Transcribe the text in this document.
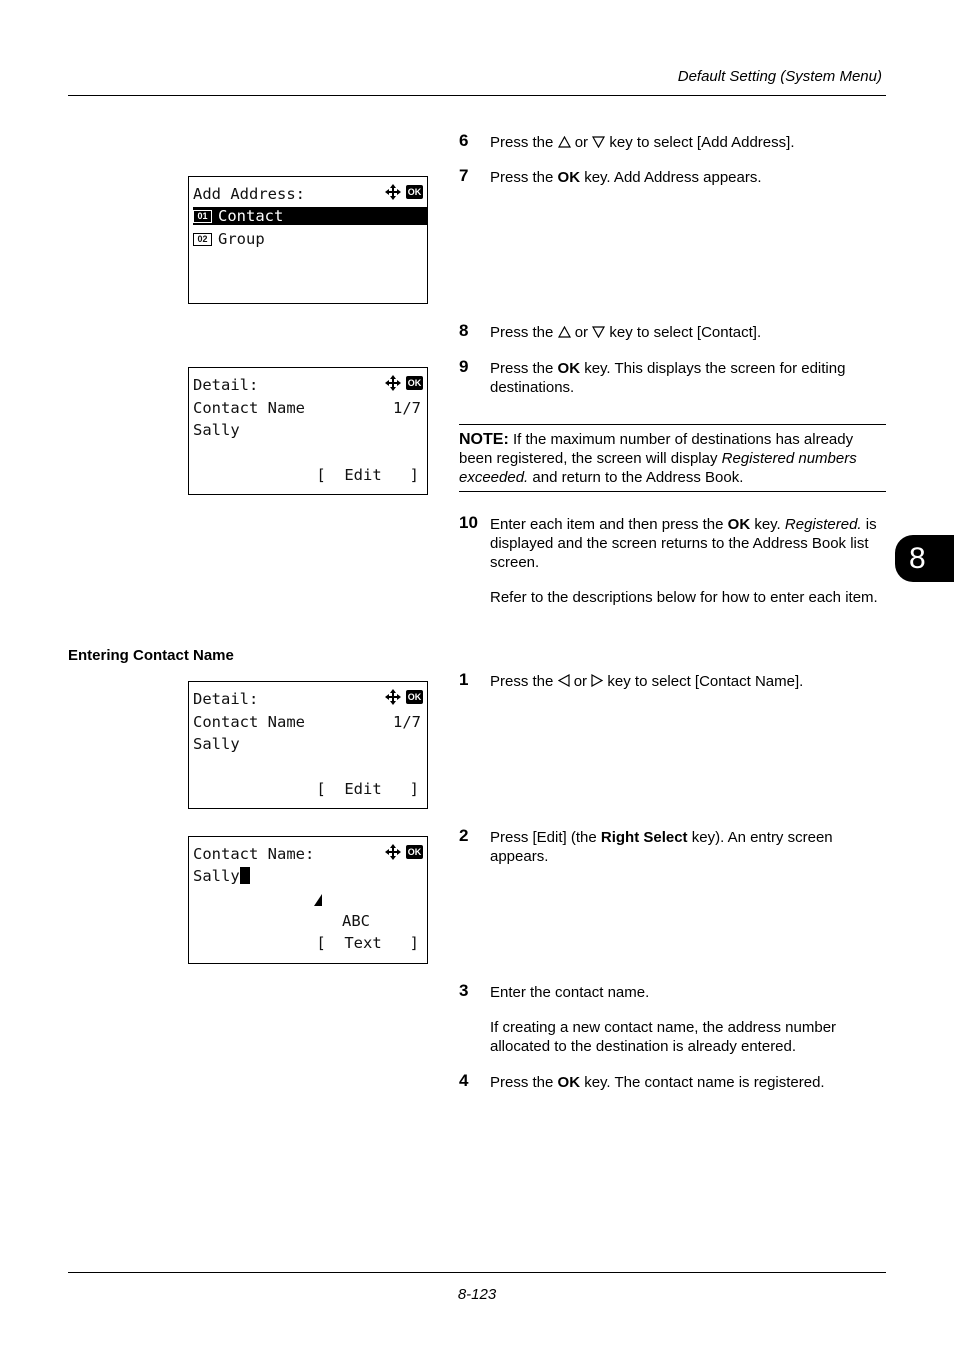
Default Setting (System Menu)
8
Add Address:	OK
01 Contact
02 Group
Detail:	OK
Contact Name	1/7
Sally
[  Edit   ]
Detail:	OK
Contact Name	1/7
Sally
[  Edit   ]
Contact Name:	OK
Sally
ABC
[  Text   ]
6 Press the  or  key to select [Add Address].
7 Press the OK key. Add Address appears.
8 Press the  or  key to select [Contact].
9 Press the OK key. This displays the screen for editing destinations.
NOTE: If the maximum number of destinations has already been registered, the screen will display Registered numbers exceeded. and return to the Address Book.
10 Enter each item and then press the OK key. Registered. is displayed and the screen returns to the Address Book list screen.
Refer to the descriptions below for how to enter each item.
Entering Contact Name
1 Press the  or  key to select [Contact Name].
2 Press [Edit] (the Right Select key). An entry screen appears.
3 Enter the contact name.
If creating a new contact name, the address number allocated to the destination is already entered.
4 Press the OK key. The contact name is registered.
8-123
